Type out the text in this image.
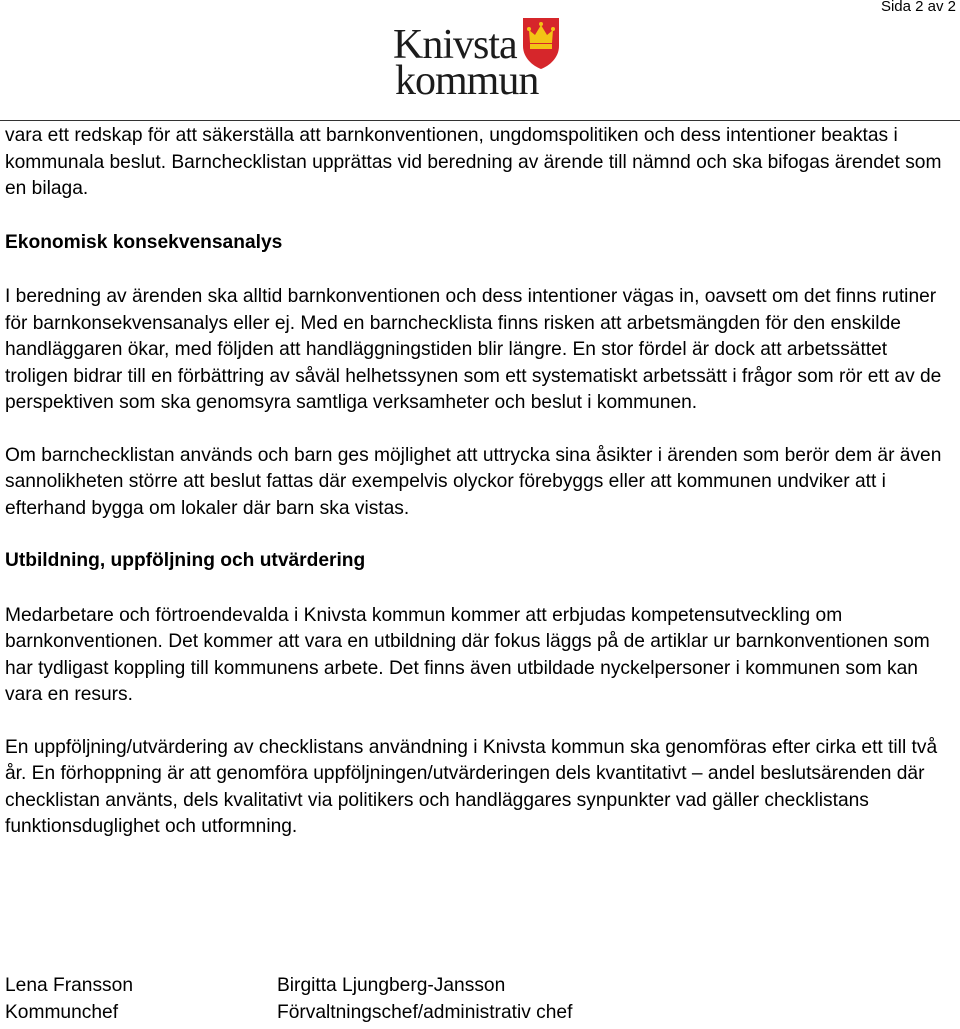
Sida 2 av 2
Knivsta
kommun

vara ett redskap för att säkerställa att barnkonventionen, ungdomspolitiken och dess intentioner beaktas i kommunala beslut. Barnchecklistan upprättas vid beredning av ärende till nämnd och ska bifogas ärendet som en bilaga.

Ekonomisk konsekvensanalys

I beredning av ärenden ska alltid barnkonventionen och dess intentioner vägas in, oavsett om det finns rutiner för barnkonsekvensanalys eller ej. Med en barnchecklista finns risken att arbetsmängden för den enskilde handläggaren ökar, med följden att handläggningstiden blir längre. En stor fördel är dock att arbetssättet troligen bidrar till en förbättring av såväl helhetssynen som ett systematiskt arbetssätt i frågor som rör ett av de perspektiven som ska genomsyra samtliga verksamheter och beslut i kommunen.

Om barnchecklistan används och barn ges möjlighet att uttrycka sina åsikter i ärenden som berör dem är även sannolikheten större att beslut fattas där exempelvis olyckor förebyggs eller att kommunen undviker att i efterhand bygga om lokaler där barn ska vistas.

Utbildning, uppföljning och utvärdering

Medarbetare och förtroendevalda i Knivsta kommun kommer att erbjudas kompetensutveckling om barnkonventionen. Det kommer att vara en utbildning där fokus läggs på de artiklar ur barnkonventionen som har tydligast koppling till kommunens arbete. Det finns även utbildade nyckelpersoner i kommunen som kan vara en resurs.

En uppföljning/utvärdering av checklistans användning i Knivsta kommun ska genomföras efter cirka ett till två år. En förhoppning är att genomföra uppföljningen/utvärderingen dels kvantitativt – andel beslutsärenden där checklistan använts, dels kvalitativt via politikers och handläggares synpunkter vad gäller checklistans funktionsduglighet och utformning.

Lena Fransson
Kommunchef
Birgitta Ljungberg-Jansson
Förvaltningschef/administrativ chef
